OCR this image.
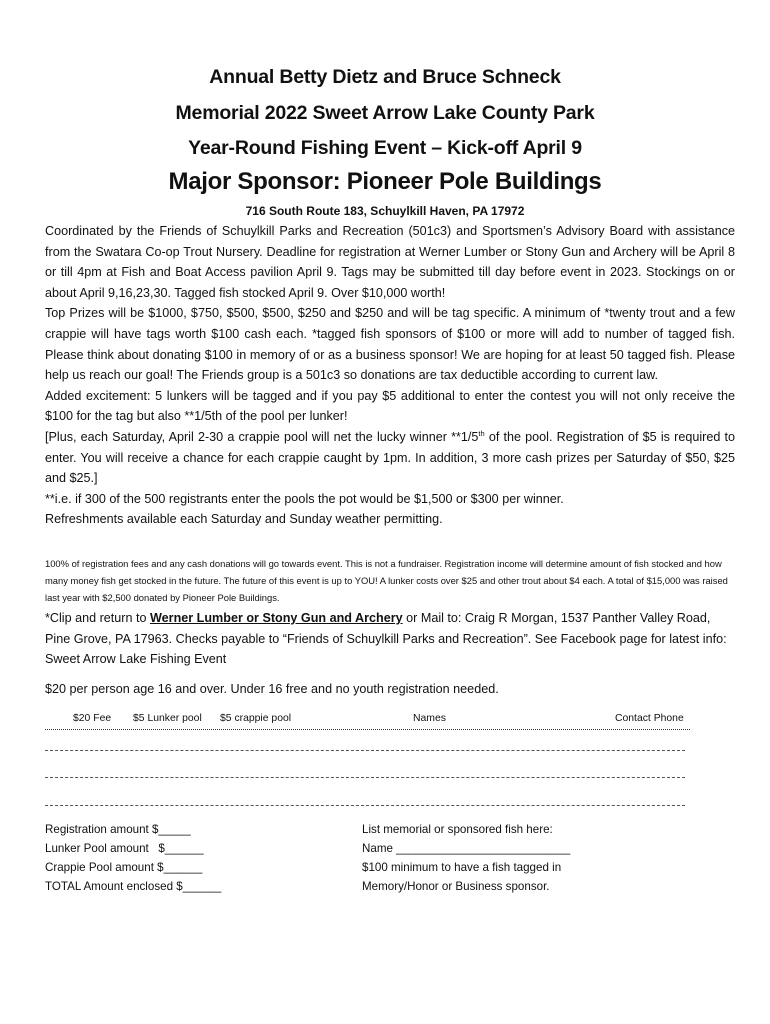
Annual Betty Dietz and Bruce Schneck
Memorial 2022 Sweet Arrow Lake County Park
Year-Round Fishing Event – Kick-off April 9
Major Sponsor: Pioneer Pole Buildings
716 South Route 183, Schuylkill Haven, PA 17972

Coordinated by the Friends of Schuylkill Parks and Recreation (501c3) and Sportsmen’s Advisory Board with assistance from the Swatara Co-op Trout Nursery. Deadline for registration at Werner Lumber or Stony Gun and Archery will be April 8 or till 4pm at Fish and Boat Access pavilion April 9. Tags may be submitted till day before event in 2023. Stockings on or about April 9,16,23,30. Tagged fish stocked April 9. Over $10,000 worth!

Top Prizes will be $1000, $750, $500, $500, $250 and $250 and will be tag specific. A minimum of *twenty trout and a few crappie will have tags worth $100 cash each. *tagged fish sponsors of $100 or more will add to number of tagged fish. Please think about donating $100 in memory of or as a business sponsor! We are hoping for at least 50 tagged fish. Please help us reach our goal! The Friends group is a 501c3 so donations are tax deductible according to current law.

Added excitement: 5 lunkers will be tagged and if you pay $5 additional to enter the contest you will not only receive the $100 for the tag but also **1/5th of the pool per lunker!

[Plus, each Saturday, April 2-30 a crappie pool will net the lucky winner **1/5th of the pool. Registration of $5 is required to enter. You will receive a chance for each crappie caught by 1pm. In addition, 3 more cash prizes per Saturday of $50, $25 and $25.]

**i.e. if 300 of the 500 registrants enter the pools the pot would be $1,500 or $300 per winner.

Refreshments available each Saturday and Sunday weather permitting.

100% of registration fees and any cash donations will go towards event. This is not a fundraiser. Registration income will determine amount of fish stocked and how many money fish get stocked in the future. The future of this event is up to YOU! A lunker costs over $25 and other trout about $4 each. A total of $15,000 was raised last year with $2,500 donated by Pioneer Pole Buildings.
*Clip and return to Werner Lumber or Stony Gun and Archery or Mail to: Craig R Morgan, 1537 Panther Valley Road, Pine Grove, PA 17963. Checks payable to “Friends of Schuylkill Parks and Recreation”. See Facebook page for latest info: Sweet Arrow Lake Fishing Event
$20 per person age 16 and over. Under 16 free and no youth registration needed.
$20 Fee $5 Lunker pool $5 crappie pool	Names	Contact Phone
Registration amount $_____
Lunker Pool amount   $______
Crappie Pool amount $______
TOTAL Amount enclosed $______
List memorial or sponsored fish here:
Name ___________________________
$100 minimum to have a fish tagged in
Memory/Honor or Business sponsor.
